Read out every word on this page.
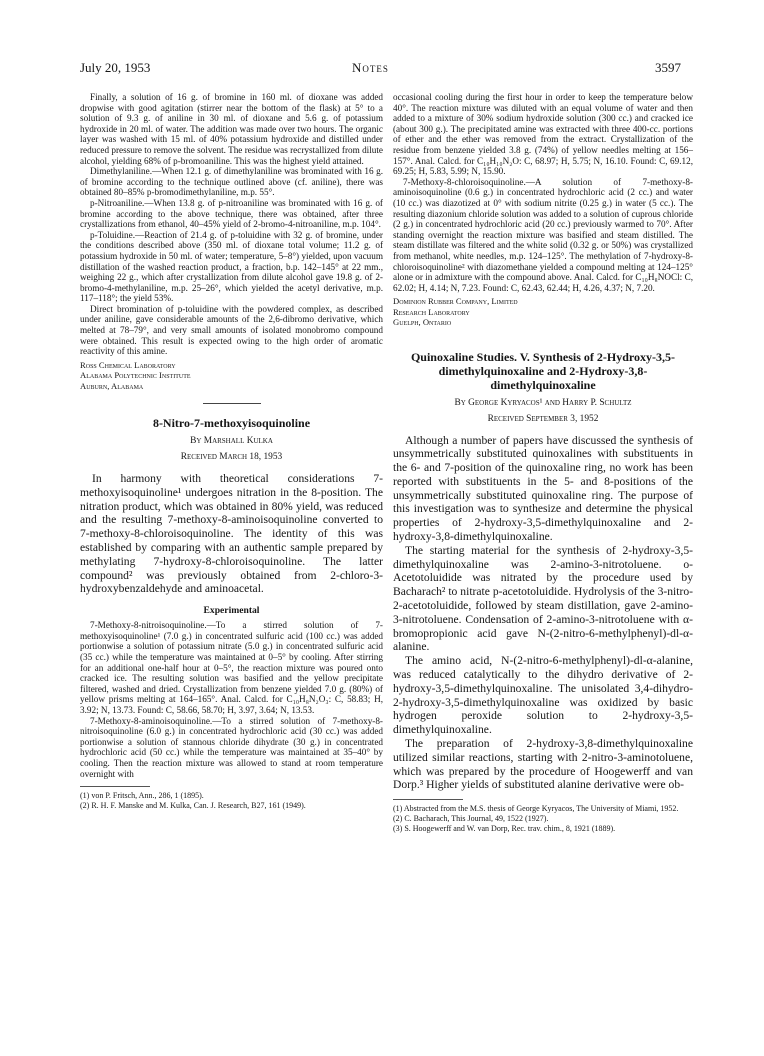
July 20, 1953	Notes	3597

Finally, a solution of 16 g. of bromine in 160 ml. of dioxane was added dropwise with good agitation (stirrer near the bottom of the flask) at 5° to a solution of 9.3 g. of aniline in 30 ml. of dioxane and 5.6 g. of potassium hydroxide in 20 ml. of water. The addition was made over two hours. The organic layer was washed with 15 ml. of 40% potassium hydroxide and distilled under reduced pressure to remove the solvent. The residue was recrystallized from dilute alcohol, yielding 68% of p-bromoaniline. This was the highest yield attained.

Dimethylaniline.—When 12.1 g. of dimethylaniline was brominated with 16 g. of bromine according to the technique outlined above (cf. aniline), there was obtained 80–85% p-bromodimethylaniline, m.p. 55°.

p-Nitroaniline.—When 13.8 g. of p-nitroaniline was brominated with 16 g. of bromine according to the above technique, there was obtained, after three crystallizations from ethanol, 40–45% yield of 2-bromo-4-nitroaniline, m.p. 104°.

p-Toluidine.—Reaction of 21.4 g. of p-toluidine with 32 g. of bromine, under the conditions described above (350 ml. of dioxane total volume; 11.2 g. of potassium hydroxide in 50 ml. of water; temperature, 5–8°) yielded, upon vacuum distillation of the washed reaction product, a fraction, b.p. 142–145° at 22 mm., weighing 22 g., which after crystallization from dilute alcohol gave 19.8 g. of 2-bromo-4-methylaniline, m.p. 25–26°, which yielded the acetyl derivative, m.p. 117–118°; the yield 53%.

Direct bromination of p-toluidine with the powdered complex, as described under aniline, gave considerable amounts of the 2,6-dibromo derivative, which melted at 78–79°, and very small amounts of isolated monobromo compound were obtained. This result is expected owing to the high order of aromatic reactivity of this amine.

Ross Chemical Laboratory
Alabama Polytechnic Institute
Auburn, Alabama
8-Nitro-7-methoxyisoquinoline
By Marshall Kulka
Received March 18, 1953

In harmony with theoretical considerations 7-methoxyisoquinoline¹ undergoes nitration in the 8-position. The nitration product, which was obtained in 80% yield, was reduced and the resulting 7-methoxy-8-aminoisoquinoline converted to 7-methoxy-8-chloroisoquinoline. The identity of this was established by comparing with an authentic sample prepared by methylating 7-hydroxy-8-chloroisoquinoline. The latter compound² was previously obtained from 2-chloro-3-hydroxybenzaldehyde and aminoacetal.

Experimental

7-Methoxy-8-nitroisoquinoline.—To a stirred solution of 7-methoxyisoquinoline¹ (7.0 g.) in concentrated sulfuric acid (100 cc.) was added portionwise a solution of potassium nitrate (5.0 g.) in concentrated sulfuric acid (35 cc.) while the temperature was maintained at 0–5° by cooling. After stirring for an additional one-half hour at 0–5°, the reaction mixture was poured onto cracked ice. The resulting solution was basified and the yellow precipitate filtered, washed and dried. Crystallization from benzene yielded 7.0 g. (80%) of yellow prisms melting at 164–165°. Anal. Calcd. for C₁₀H₈N₂O₃: C, 58.83; H, 3.92; N, 13.73. Found: C, 58.66, 58.70; H, 3.97, 3.64; N, 13.53.

7-Methoxy-8-aminoisoquinoline.—To a stirred solution of 7-methoxy-8-nitroisoquinoline (6.0 g.) in concentrated hydrochloric acid (30 cc.) was added portionwise a solution of stannous chloride dihydrate (30 g.) in concentrated hydrochloric acid (50 cc.) while the temperature was maintained at 35–40° by cooling. Then the reaction mixture was allowed to stand at room temperature overnight with

(1) von P. Fritsch, Ann., 286, 1 (1895).

(2) R. H. F. Manske and M. Kulka, Can. J. Research, B27, 161 (1949).

occasional cooling during the first hour in order to keep the temperature below 40°. The reaction mixture was diluted with an equal volume of water and then added to a mixture of 30% sodium hydroxide solution (300 cc.) and cracked ice (about 300 g.). The precipitated amine was extracted with three 400-cc. portions of ether and the ether was removed from the extract. Crystallization of the residue from benzene yielded 3.8 g. (74%) of yellow needles melting at 156–157°. Anal. Calcd. for C₁₀H₁₀N₂O: C, 68.97; H, 5.75; N, 16.10. Found: C, 69.12, 69.25; H, 5.83, 5.99; N, 15.90.

7-Methoxy-8-chloroisoquinoline.—A solution of 7-methoxy-8-aminoisoquinoline (0.6 g.) in concentrated hydrochloric acid (2 cc.) and water (10 cc.) was diazotized at 0° with sodium nitrite (0.25 g.) in water (5 cc.). The resulting diazonium chloride solution was added to a solution of cuprous chloride (2 g.) in concentrated hydrochloric acid (20 cc.) previously warmed to 70°. After standing overnight the reaction mixture was basified and steam distilled. The steam distillate was filtered and the white solid (0.32 g. or 50%) was crystallized from methanol, white needles, m.p. 124–125°. The methylation of 7-hydroxy-8-chloroisoquinoline² with diazomethane yielded a compound melting at 124–125° alone or in admixture with the compound above. Anal. Calcd. for C₁₀H₈NOCl: C, 62.02; H, 4.14; N, 7.23. Found: C, 62.43, 62.44; H, 4.26, 4.37; N, 7.20.

Dominion Rubber Company, Limited
Research Laboratory
Guelph, Ontario
Quinoxaline Studies. V. Synthesis of 2-Hydroxy-3,5-dimethylquinoxaline and 2-Hydroxy-3,8-dimethylquinoxaline
By George Kyryacos¹ and Harry P. Schultz
Received September 3, 1952

Although a number of papers have discussed the synthesis of unsymmetrically substituted quinoxalines with substituents in the 6- and 7-position of the quinoxaline ring, no work has been reported with substituents in the 5- and 8-positions of the unsymmetrically substituted quinoxaline ring. The purpose of this investigation was to synthesize and determine the physical properties of 2-hydroxy-3,5-dimethylquinoxaline and 2-hydroxy-3,8-dimethylquinoxaline.

The starting material for the synthesis of 2-hydroxy-3,5-dimethylquinoxaline was 2-amino-3-nitrotoluene. o-Acetotoluidide was nitrated by the procedure used by Bacharach² to nitrate p-acetotoluidide. Hydrolysis of the 3-nitro-2-acetotoluidide, followed by steam distillation, gave 2-amino-3-nitrotoluene. Condensation of 2-amino-3-nitrotoluene with α-bromopropionic acid gave N-(2-nitro-6-methylphenyl)-dl-α-alanine.

The amino acid, N-(2-nitro-6-methylphenyl)-dl-α-alanine, was reduced catalytically to the dihydro derivative of 2-hydroxy-3,5-dimethylquinoxaline. The unisolated 3,4-dihydro-2-hydroxy-3,5-dimethylquinoxaline was oxidized by basic hydrogen peroxide solution to 2-hydroxy-3,5-dimethylquinoxaline.

The preparation of 2-hydroxy-3,8-dimethylquinoxaline utilized similar reactions, starting with 2-nitro-3-aminotoluene, which was prepared by the procedure of Hoogewerff and van Dorp.³ Higher yields of substituted alanine derivative were ob-

(1) Abstracted from the M.S. thesis of George Kyryacos, The University of Miami, 1952.

(2) C. Bacharach, This Journal, 49, 1522 (1927).

(3) S. Hoogewerff and W. van Dorp, Rec. trav. chim., 8, 1921 (1889).
